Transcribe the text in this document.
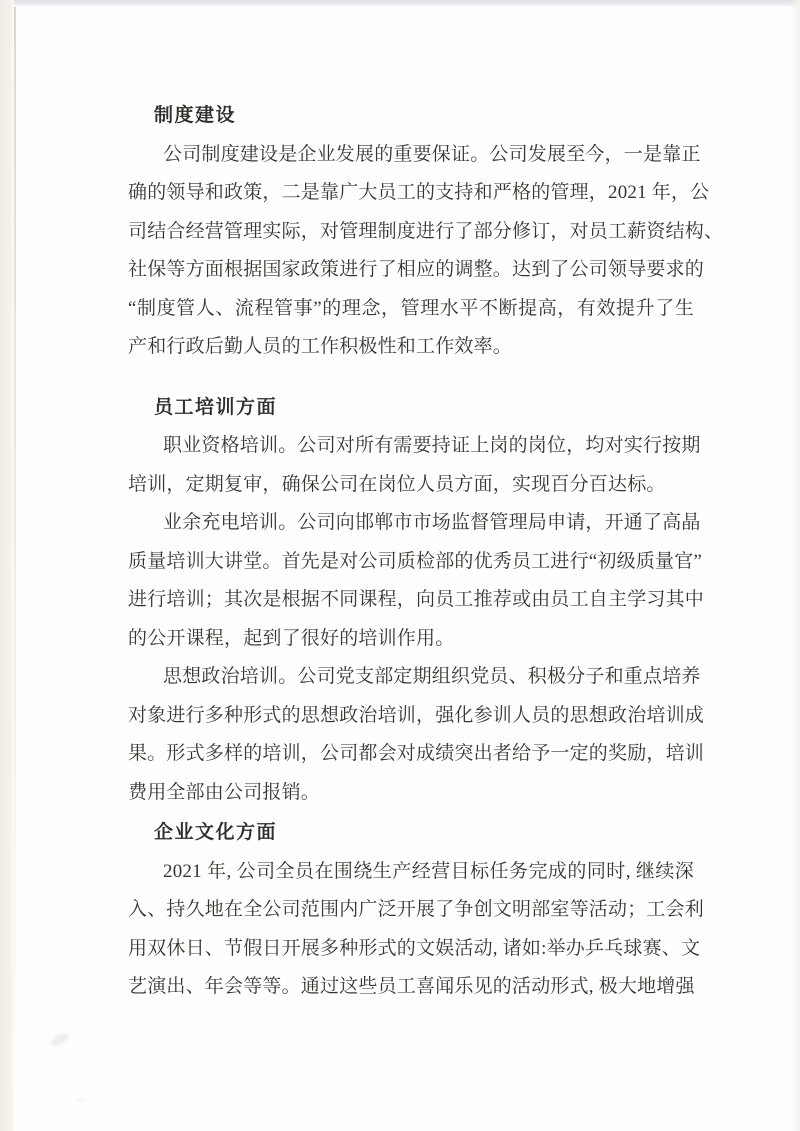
制度建设
公司制度建设是企业发展的重要保证。公司发展至今，一是靠正
确的领导和政策，二是靠广大员工的支持和严格的管理，2021 年，公
司结合经营管理实际，对管理制度进行了部分修订，对员工薪资结构、
社保等方面根据国家政策进行了相应的调整。达到了公司领导要求的
“制度管人、流程管事”的理念，管理水平不断提高，有效提升了生
产和行政后勤人员的工作积极性和工作效率。
员工培训方面
职业资格培训。公司对所有需要持证上岗的岗位，均对实行按期
培训，定期复审，确保公司在岗位人员方面，实现百分百达标。
业余充电培训。公司向邯郸市市场监督管理局申请，开通了高晶
质量培训大讲堂。首先是对公司质检部的优秀员工进行“初级质量官”
进行培训；其次是根据不同课程，向员工推荐或由员工自主学习其中
的公开课程，起到了很好的培训作用。
思想政治培训。公司党支部定期组织党员、积极分子和重点培养
对象进行多种形式的思想政治培训，强化参训人员的思想政治培训成
果。形式多样的培训，公司都会对成绩突出者给予一定的奖励，培训
费用全部由公司报销。
企业文化方面
2021 年, 公司全员在围绕生产经营目标任务完成的同时, 继续深
入、持久地在全公司范围内广泛开展了争创文明部室等活动；工会利
用双休日、节假日开展多种形式的文娱活动, 诸如:举办乒乓球赛、文
艺演出、年会等等。通过这些员工喜闻乐见的活动形式, 极大地增强
